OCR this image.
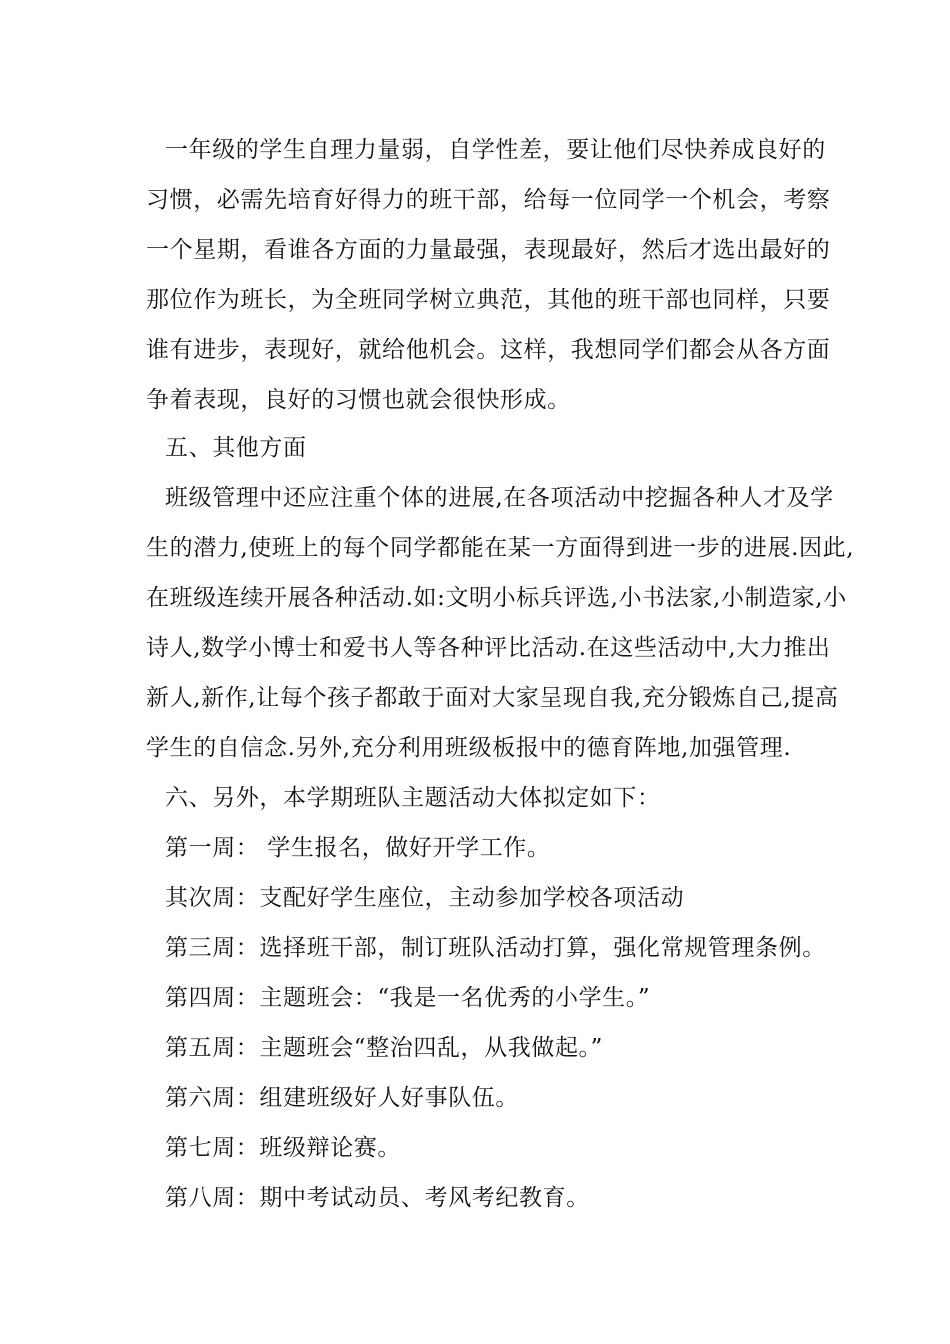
一年级的学生自理力量弱，自学性差，要让他们尽快养成良好的
习惯，必需先培育好得力的班干部，给每一位同学一个机会，考察
一个星期，看谁各方面的力量最强，表现最好，然后才选出最好的
那位作为班长，为全班同学树立典范，其他的班干部也同样，只要
谁有进步，表现好，就给他机会。这样，我想同学们都会从各方面
争着表现，良好的习惯也就会很快形成。
五、其他方面
班级管理中还应注重个体的进展,在各项活动中挖掘各种人才及学
生的潜力,使班上的每个同学都能在某一方面得到进一步的进展.因此,
在班级连续开展各种活动.如:文明小标兵评选,小书法家,小制造家,小
诗人,数学小博士和爱书人等各种评比活动.在这些活动中,大力推出
新人,新作,让每个孩子都敢于面对大家呈现自我,充分锻炼自己,提高
学生的自信念.另外,充分利用班级板报中的德育阵地,加强管理.
六、另外，本学期班队主题活动大体拟定如下：
第一周： 学生报名，做好开学工作。
其次周：支配好学生座位，主动参加学校各项活动
第三周：选择班干部，制订班队活动打算，强化常规管理条例。
第四周：主题班会：“我是一名优秀的小学生。”
第五周：主题班会“整治四乱，从我做起。”
第六周：组建班级好人好事队伍。
第七周：班级辩论赛。
第八周：期中考试动员、考风考纪教育。
